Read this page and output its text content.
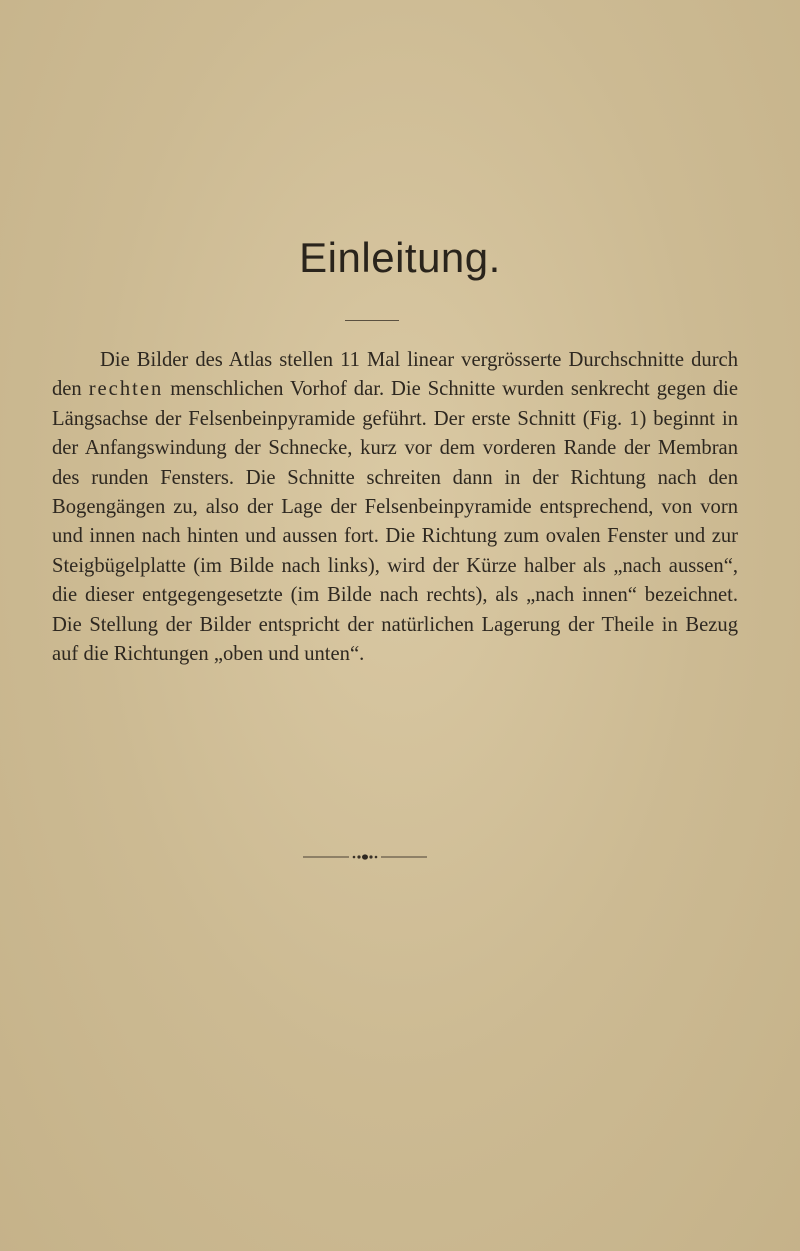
Einleitung.

Die Bilder des Atlas stellen 11 Mal linear vergrösserte Durchschnitte durch den rechten menschlichen Vorhof dar. Die Schnitte wurden senkrecht gegen die Längsachse der Felsenbeinpyramide geführt. Der erste Schnitt (Fig. 1) beginnt in der Anfangswindung der Schnecke, kurz vor dem vorderen Rande der Membran des runden Fensters. Die Schnitte schreiten dann in der Richtung nach den Bogengängen zu, also der Lage der Felsenbeinpyramide entsprechend, von vorn und innen nach hinten und aussen fort. Die Richtung zum ovalen Fenster und zur Steigbügelplatte (im Bilde nach links), wird der Kürze halber als „nach aussen“, die dieser entgegengesetzte (im Bilde nach rechts), als „nach innen“ bezeichnet. Die Stellung der Bilder entspricht der natürlichen Lagerung der Theile in Bezug auf die Richtungen „oben und unten“.
